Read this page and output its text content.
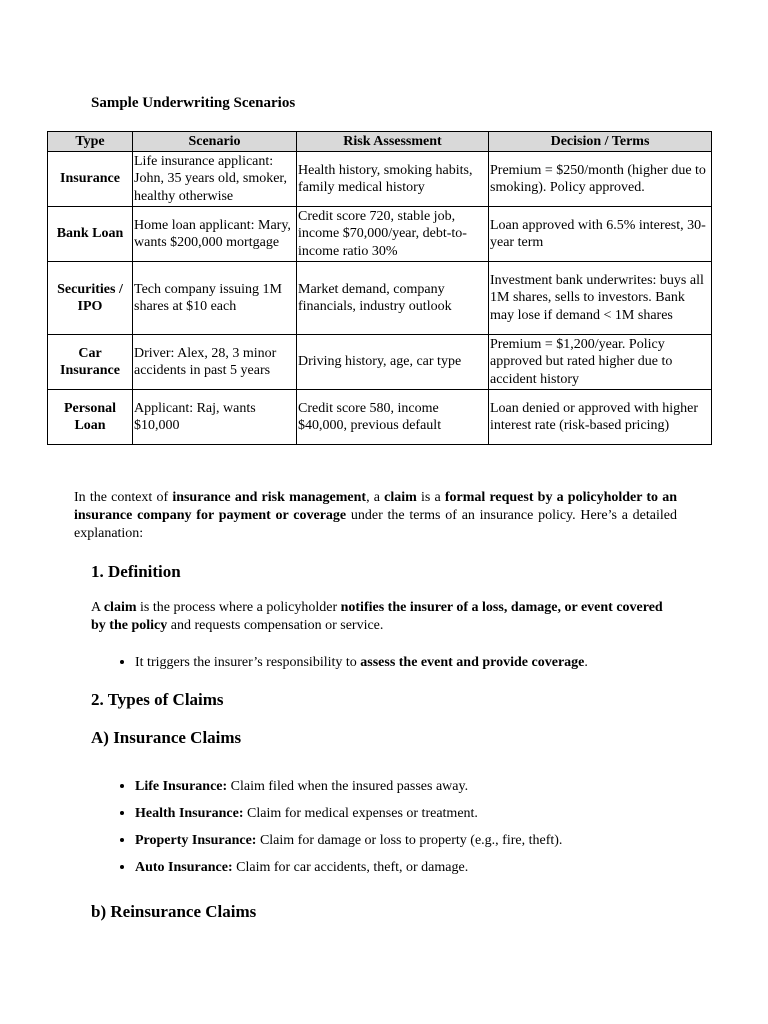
Sample Underwriting Scenarios
Type	Scenario	Risk Assessment	Decision / Terms
Insurance	Life insurance applicant: John, 35 years old, smoker, healthy otherwise	Health history, smoking habits, family medical history	Premium = $250/month (higher due to smoking). Policy approved.
Bank Loan	Home loan applicant: Mary, wants $200,000 mortgage	Credit score 720, stable job, income $70,000/year, debt-to-income ratio 30%	Loan approved with 6.5% interest, 30-year term
Securities / IPO	Tech company issuing 1M shares at $10 each	Market demand, company financials, industry outlook	Investment bank underwrites: buys all 1M shares, sells to investors. Bank may lose if demand < 1M shares
Car Insurance	Driver: Alex, 28, 3 minor accidents in past 5 years	Driving history, age, car type	Premium = $1,200/year. Policy approved but rated higher due to accident history
Personal Loan	Applicant: Raj, wants $10,000	Credit score 580, income $40,000, previous default	Loan denied or approved with higher interest rate (risk-based pricing)
In the context of insurance and risk management, a claim is a formal request by a policyholder to an insurance company for payment or coverage under the terms of an insurance policy. Here’s a detailed explanation:
1. Definition
A claim is the process where a policyholder notifies the insurer of a loss, damage, or event covered by the policy and requests compensation or service.
• It triggers the insurer’s responsibility to assess the event and provide coverage.
2. Types of Claims
A) Insurance Claims
• Life Insurance: Claim filed when the insured passes away.
• Health Insurance: Claim for medical expenses or treatment.
• Property Insurance: Claim for damage or loss to property (e.g., fire, theft).
• Auto Insurance: Claim for car accidents, theft, or damage.
b) Reinsurance Claims
